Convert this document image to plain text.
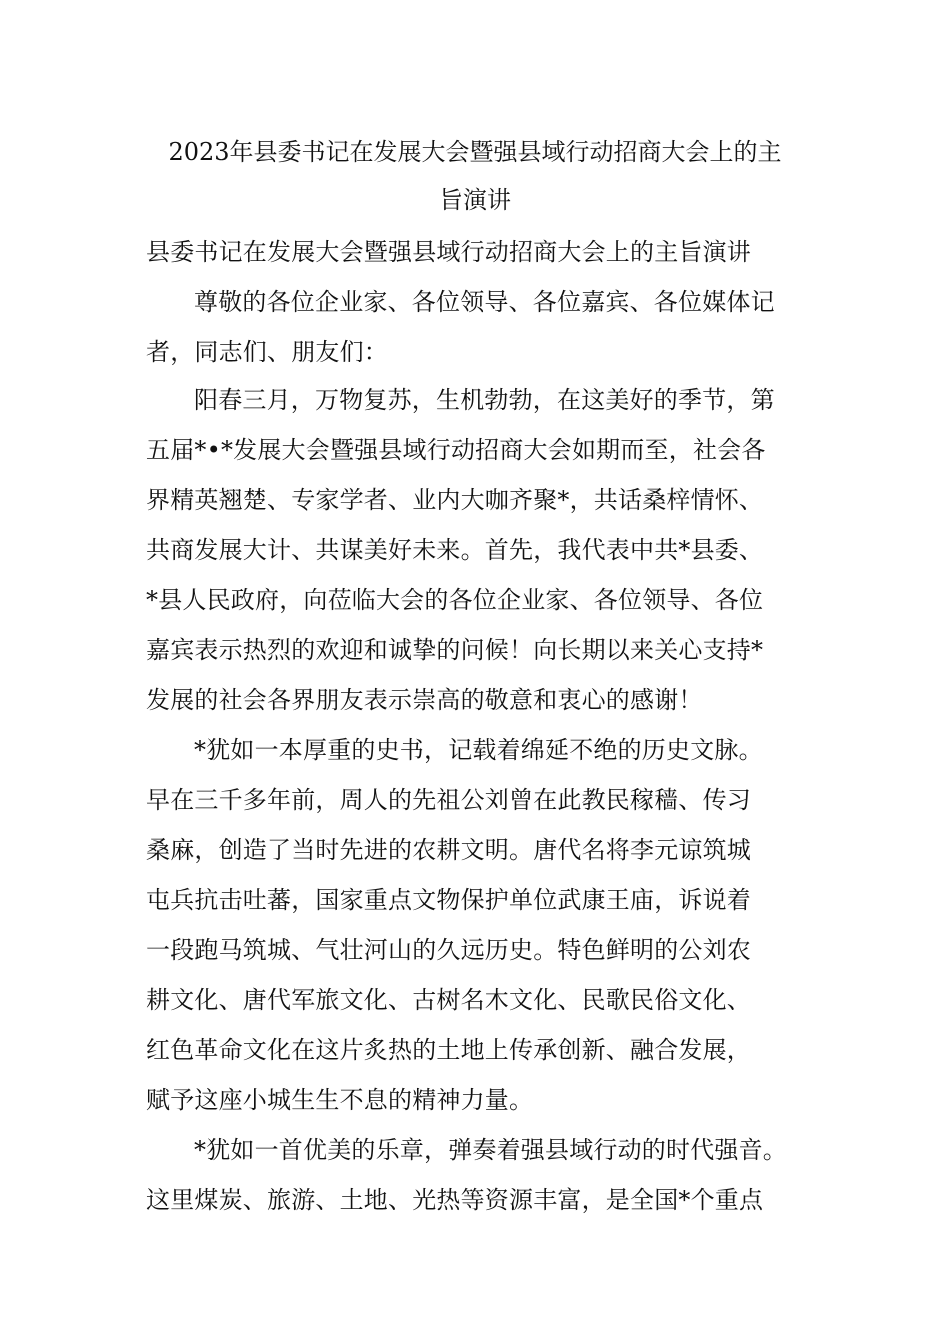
2023年县委书记在发展大会暨强县域行动招商大会上的主
旨演讲
县委书记在发展大会暨强县域行动招商大会上的主旨演讲
尊敬的各位企业家、各位领导、各位嘉宾、各位媒体记
者，同志们、朋友们：
阳春三月，万物复苏，生机勃勃，在这美好的季节，第
五届*•*发展大会暨强县域行动招商大会如期而至，社会各
界精英翘楚、专家学者、业内大咖齐聚*，共话桑梓情怀、
共商发展大计、共谋美好未来。首先，我代表中共*县委、
*县人民政府，向莅临大会的各位企业家、各位领导、各位
嘉宾表示热烈的欢迎和诚挚的问候！向长期以来关心支持*
发展的社会各界朋友表示崇高的敬意和衷心的感谢！
*犹如一本厚重的史书，记载着绵延不绝的历史文脉。
早在三千多年前，周人的先祖公刘曾在此教民稼穑、传习
桑麻，创造了当时先进的农耕文明。唐代名将李元谅筑城
屯兵抗击吐蕃，国家重点文物保护单位武康王庙，诉说着
一段跑马筑城、气壮河山的久远历史。特色鲜明的公刘农
耕文化、唐代军旅文化、古树名木文化、民歌民俗文化、
红色革命文化在这片炙热的土地上传承创新、融合发展，
赋予这座小城生生不息的精神力量。
*犹如一首优美的乐章，弹奏着强县域行动的时代强音。
这里煤炭、旅游、土地、光热等资源丰富，是全国*个重点
